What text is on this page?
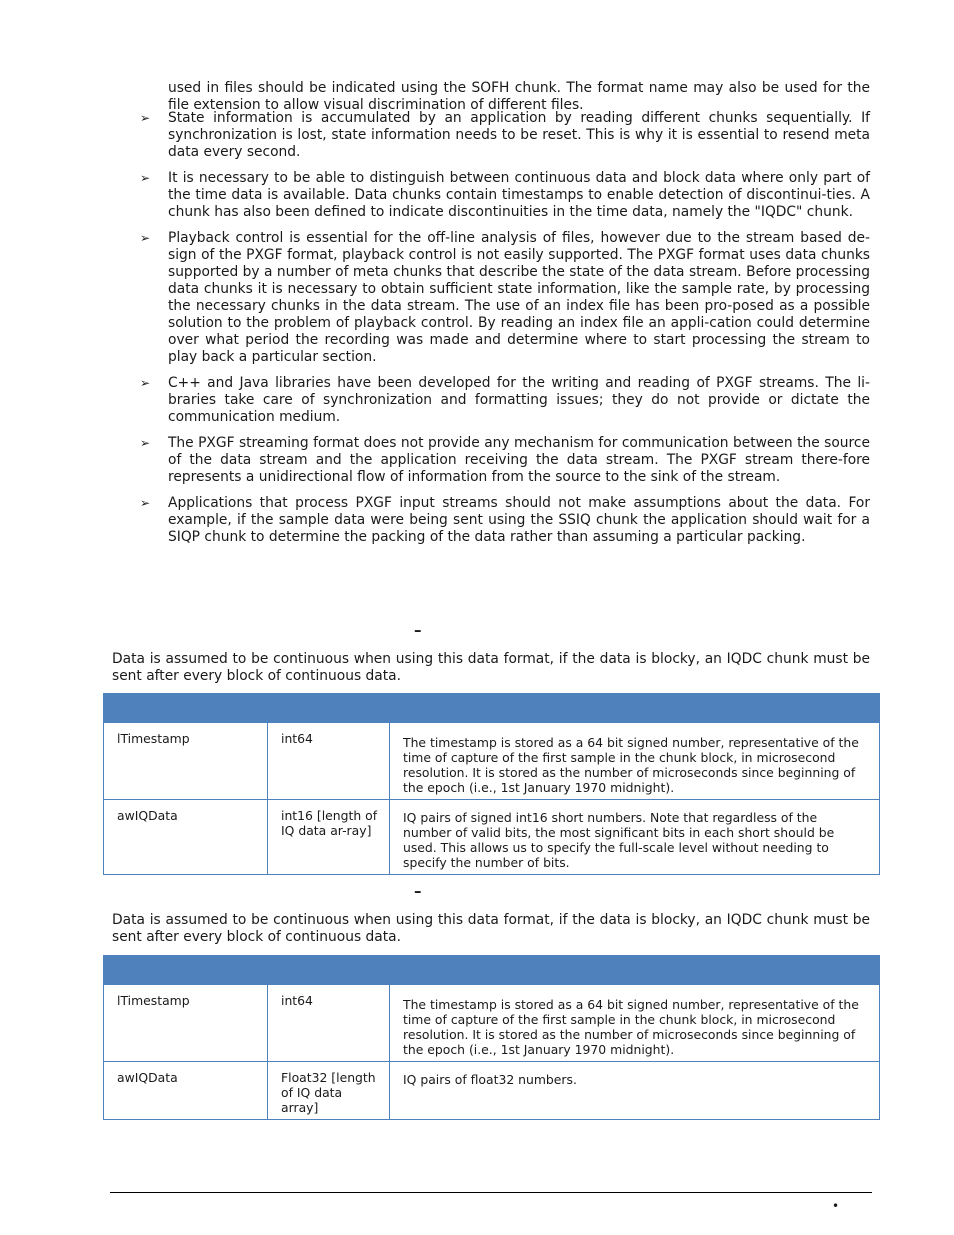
used in files should be indicated using the SOFH chunk. The format name may also be used for the file extension to allow visual discrimination of different files.

➢ State information is accumulated by an application by reading different chunks sequentially. If synchronization is lost, state information needs to be reset. This is why it is essential to resend meta data every second.
➢ It is necessary to be able to distinguish between continuous data and block data where only part of the time data is available. Data chunks contain timestamps to enable detection of discontinui-ties. A chunk has also been defined to indicate discontinuities in the time data, namely the "IQDC" chunk.
➢ Playback control is essential for the off-line analysis of files, however due to the stream based de-sign of the PXGF format, playback control is not easily supported. The PXGF format uses data chunks supported by a number of meta chunks that describe the state of the data stream. Before processing data chunks it is necessary to obtain sufficient state information, like the sample rate, by processing the necessary chunks in the data stream. The use of an index file has been pro-posed as a possible solution to the problem of playback control. By reading an index file an appli-cation could determine over what period the recording was made and determine where to start processing the stream to play back a particular section.
➢ C++ and Java libraries have been developed for the writing and reading of PXGF streams. The li-braries take care of synchronization and formatting issues; they do not provide or dictate the communication medium.
➢ The PXGF streaming format does not provide any mechanism for communication between the source of the data stream and the application receiving the data stream. The PXGF stream there-fore represents a unidirectional flow of information from the source to the sink of the stream.
➢ Applications that process PXGF input streams should not make assumptions about the data. For example, if the sample data were being sent using the SSIQ chunk the application should wait for a SIQP chunk to determine the packing of the data rather than assuming a particular packing.
–

Data is assumed to be continuous when using this data format, if the data is blocky, an IQDC chunk must be sent after every block of continuous data.

lTimestamp	int64	The timestamp is stored as a 64 bit signed number, representative of the time of capture of the first sample in the chunk block, in microsecond resolution. It is stored as the number of microseconds since beginning of the epoch (i.e., 1st January 1970 midnight).
awIQData	int16 [length of IQ data ar-ray]	IQ pairs of signed int16 short numbers. Note that regardless of the number of valid bits, the most significant bits in each short should be used. This allows us to specify the full-scale level without needing to specify the number of bits.
–

Data is assumed to be continuous when using this data format, if the data is blocky, an IQDC chunk must be sent after every block of continuous data.

lTimestamp	int64	The timestamp is stored as a 64 bit signed number, representative of the time of capture of the first sample in the chunk block, in microsecond resolution. It is stored as the number of microseconds since beginning of the epoch (i.e., 1st January 1970 midnight).
awIQData	Float32 [length of IQ data array]	IQ pairs of float32 numbers.
•
